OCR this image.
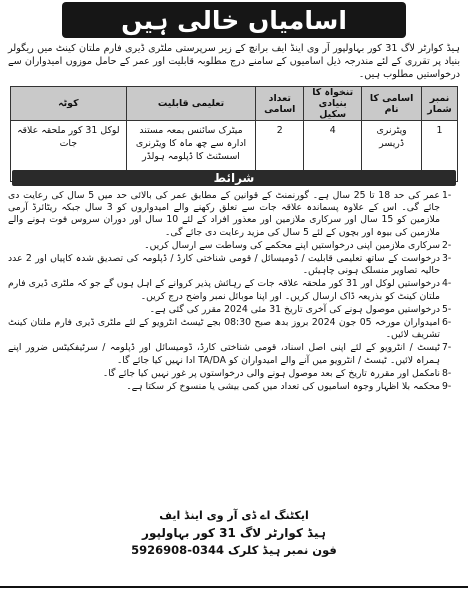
اسامیاں خالی ہیں
ہیڈ کوارٹر لاگ 31 کور بہاولپور آر وی اینڈ ایف برانچ کے زیر سرپرستی ملٹری ڈیری فارم ملتان کینٹ میں ریگولر بنیاد پر تقرری کے لئے مندرجہ ذیل اسامیوں کے سامنے درج مطلوبہ قابلیت اور عمر کے حامل موزوں امیدواران سے درخواستیں مطلوب ہیں۔
نمبر شمار	اسامی کا نام	تنخواہ کا بنیادی سکیل	تعداد اسامی	تعلیمی قابلیت	کوٹہ
1	ویٹرنری ڈریسر	4	2	میٹرک سائنس بمعہ مستند ادارہ سے چھ ماہ کا ویٹرنری اسسٹنٹ کا ڈپلومہ ہولڈر	لوکل 31 کور ملحقہ علاقہ جات
شرائط
-1
عمر کی حد 18 تا 25 سال ہے۔ گورنمنٹ کے قوانین کے مطابق عمر کی بالائی حد میں 5 سال کی رعایت دی جائے گی۔ اس کے علاوہ پسماندہ علاقہ جات سے تعلق رکھنے والے امیدواروں کو 3 سال جبکہ ریٹائرڈ آرمی ملازمین کو 15 سال اور سرکاری ملازمین اور معذور افراد کے لئے 10 سال اور دوران سروس فوت ہونے والے ملازمین کی بیوہ اور بچوں کے لئے 5 سال کی مزید رعایت دی جائے گی۔
-2
سرکاری ملازمین اپنی درخواستیں اپنے محکمے کی وساطت سے ارسال کریں۔
-3
درخواست کے ساتھ تعلیمی قابلیت / ڈومیسائل / قومی شناختی کارڈ / ڈپلومہ کی تصدیق شدہ کاپیاں اور 2 عدد حالیہ تصاویر منسلک ہونی چاہیئں۔
-4
درخواستیں لوکل اور 31 کور ملحقہ علاقہ جات کے رہائش پذیر کروانے کے اہل ہوں گے جو کہ ملٹری ڈیری فارم ملتان کینٹ کو بذریعہ ڈاک ارسال کریں۔ اور اپنا موبائل نمبر واضح درج کریں۔
-5
درخواستیں موصول ہونے کی آخری تاریخ 31 مئی 2024 مقرر کی گئی ہے۔
-6
امیدواران مورخہ 05 جون 2024 بروز بدھ صبح 08:30 بجے ٹیسٹ انٹرویو کے لئے ملٹری ڈیری فارم ملتان کینٹ تشریف لائیں۔
-7
ٹیسٹ / انٹرویو کے لئے اپنی اصل اسناد، قومی شناختی کارڈ، ڈومیسائل اور ڈپلومہ / سرٹیفکیٹس ضرور اپنے ہمراہ لائیں۔ ٹیسٹ / انٹرویو میں آنے والے امیدواران کو TA/DA ادا نہیں کیا جائے گا۔
-8
نامکمل اور مقررہ تاریخ کے بعد موصول ہونے والی درخواستوں پر غور نہیں کیا جائے گا۔
-9
محکمہ بلا اظہار وجوہ اسامیوں کی تعداد میں کمی بیشی یا منسوخ کر سکتا ہے۔
ایکٹنگ اے ڈی آر وی اینڈ ایف
ہیڈ کوارٹر لاگ 31 کور بہاولپور
فون نمبر ہیڈ کلرک 0344-5926908
